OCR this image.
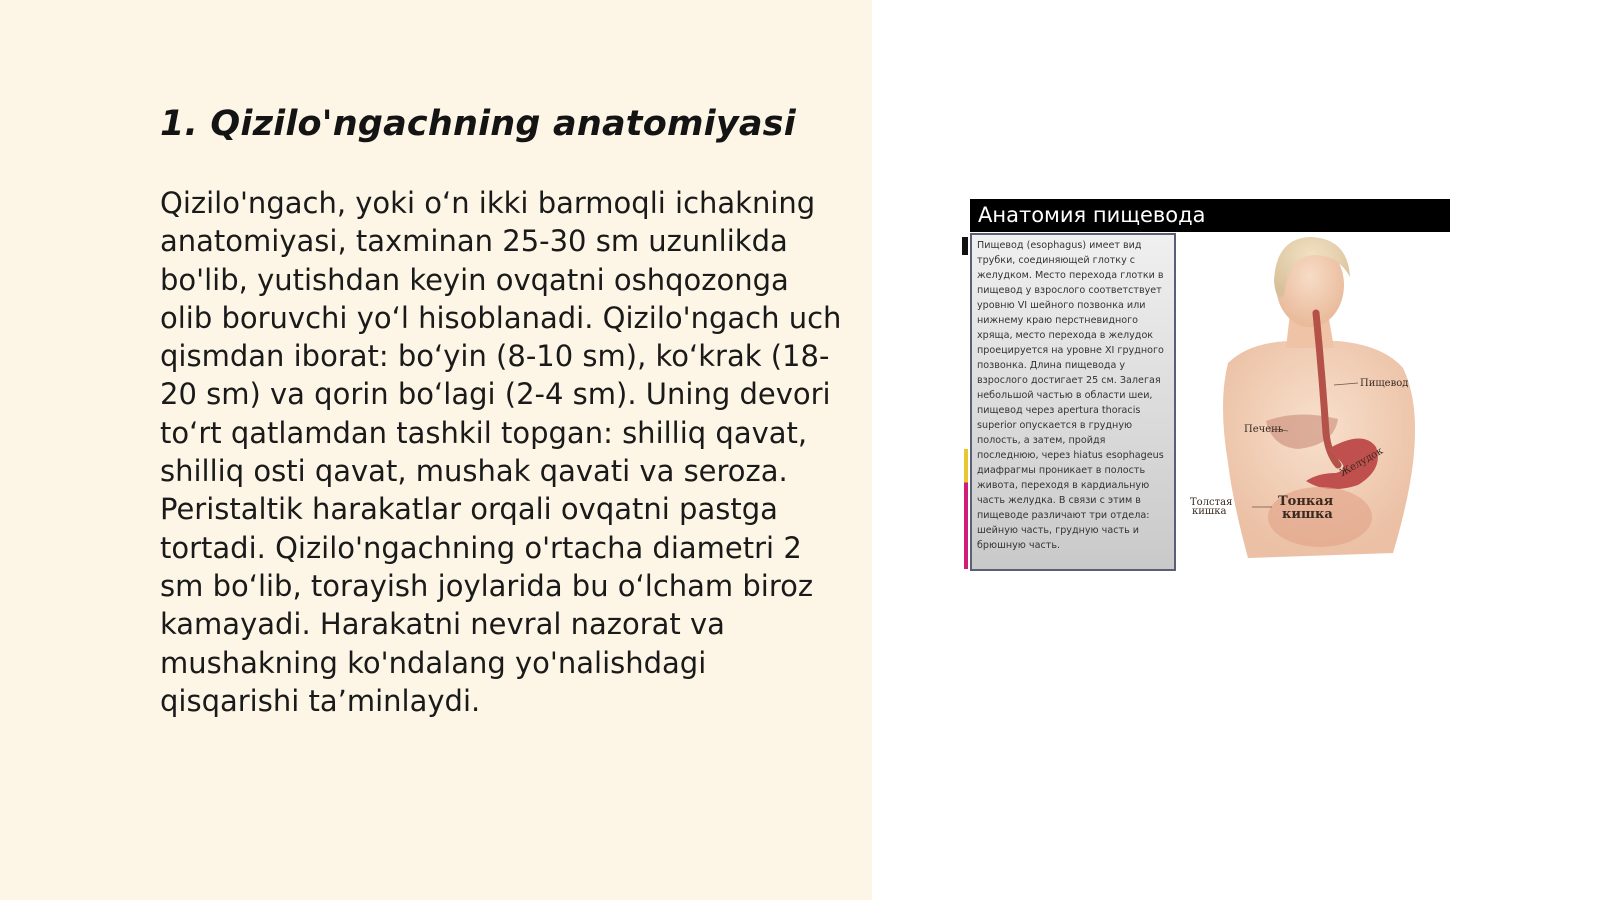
1. Qizilo'ngachning anatomiyasi

Qizilo'ngach, yoki o‘n ikki barmoqli ichakning anatomiyasi, taxminan 25-30 sm uzunlikda bo'lib, yutishdan keyin ovqatni oshqozonga olib boruvchi yo‘l hisoblanadi. Qizilo'ngach uch qismdan iborat: bo‘yin (8-10 sm), ko‘krak (18-20 sm) va qorin bo‘lagi (2-4 sm). Uning devori to‘rt qatlamdan tashkil topgan: shilliq qavat, shilliq osti qavat, mushak qavati va seroza. Peristaltik harakatlar orqali ovqatni pastga tortadi. Qizilo'ngachning o'rtacha diametri 2 sm bo‘lib, torayish joylarida bu o‘lcham biroz kamayadi. Harakatni nevral nazorat va mushakning ko'ndalang yo'nalishdagi qisqarishi ta’minlaydi.

Анатомия пищевода
Пищевод (esophagus) имеет вид трубки, соединяющей глотку с желудком. Место перехода глотки в пищевод у взрослого соответствует уровню VI шейного позвонка или нижнему краю перстневидного хряща, место перехода в желудок проецируется на уровне XI грудного позвонка. Длина пищевода у взрослого достигает 25 см. Залегая небольшой частью в области шеи, пищевод через apertura thoracis superior опускается в грудную полость, а затем, пройдя последнюю, через hiatus esophageus диафрагмы проникает в полость живота, переходя в кардиальную часть желудка. В связи с этим в пищеводе различают три отдела: шейную часть, грудную часть и брюшную часть.
Пищевод
Печень
Желудок
Толстая
кишка
Тонкая
кишка
